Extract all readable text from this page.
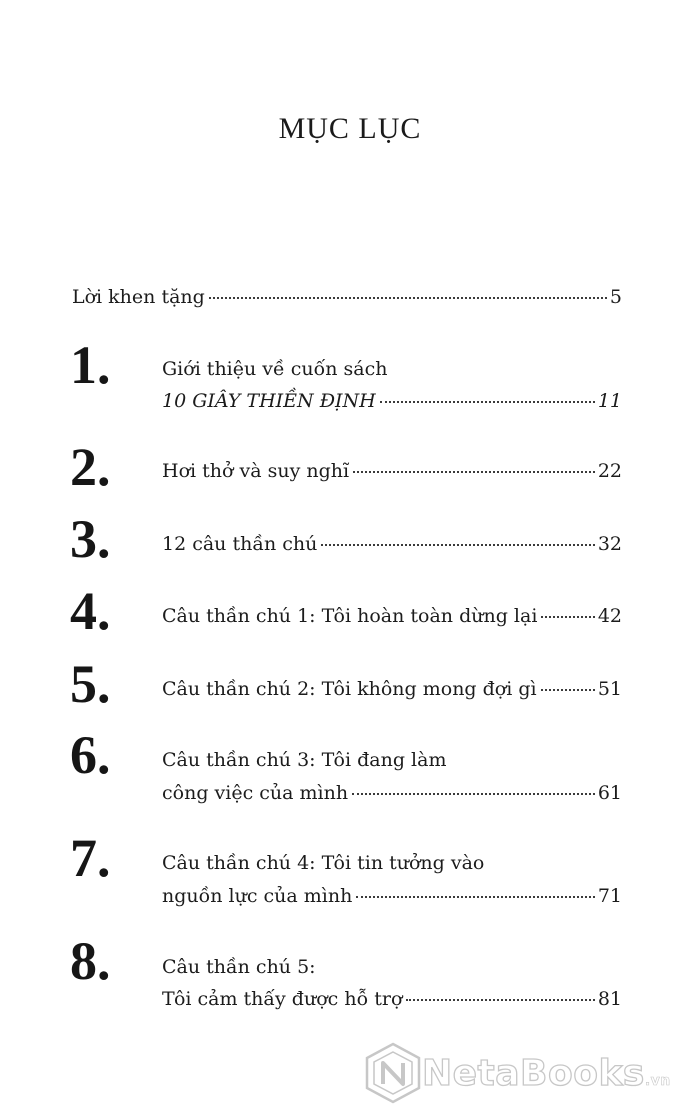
MỤC LỤC
Lời khen tặng	5
1.	Giới thiệu về cuốn sách
10 GIÂY THIỀN ĐỊNH	11
2.	Hơi thở và suy nghĩ	22
3.	12 câu thần chú	32
4.	Câu thần chú 1: Tôi hoàn toàn dừng lại	42
5.	Câu thần chú 2: Tôi không mong đợi gì	51
6.	Câu thần chú 3: Tôi đang làm
công việc của mình	61
7.	Câu thần chú 4: Tôi tin tưởng vào
nguồn lực của mình	71
8.	Câu thần chú 5:
Tôi cảm thấy được hỗ trợ	81
NetaBooks.vn
